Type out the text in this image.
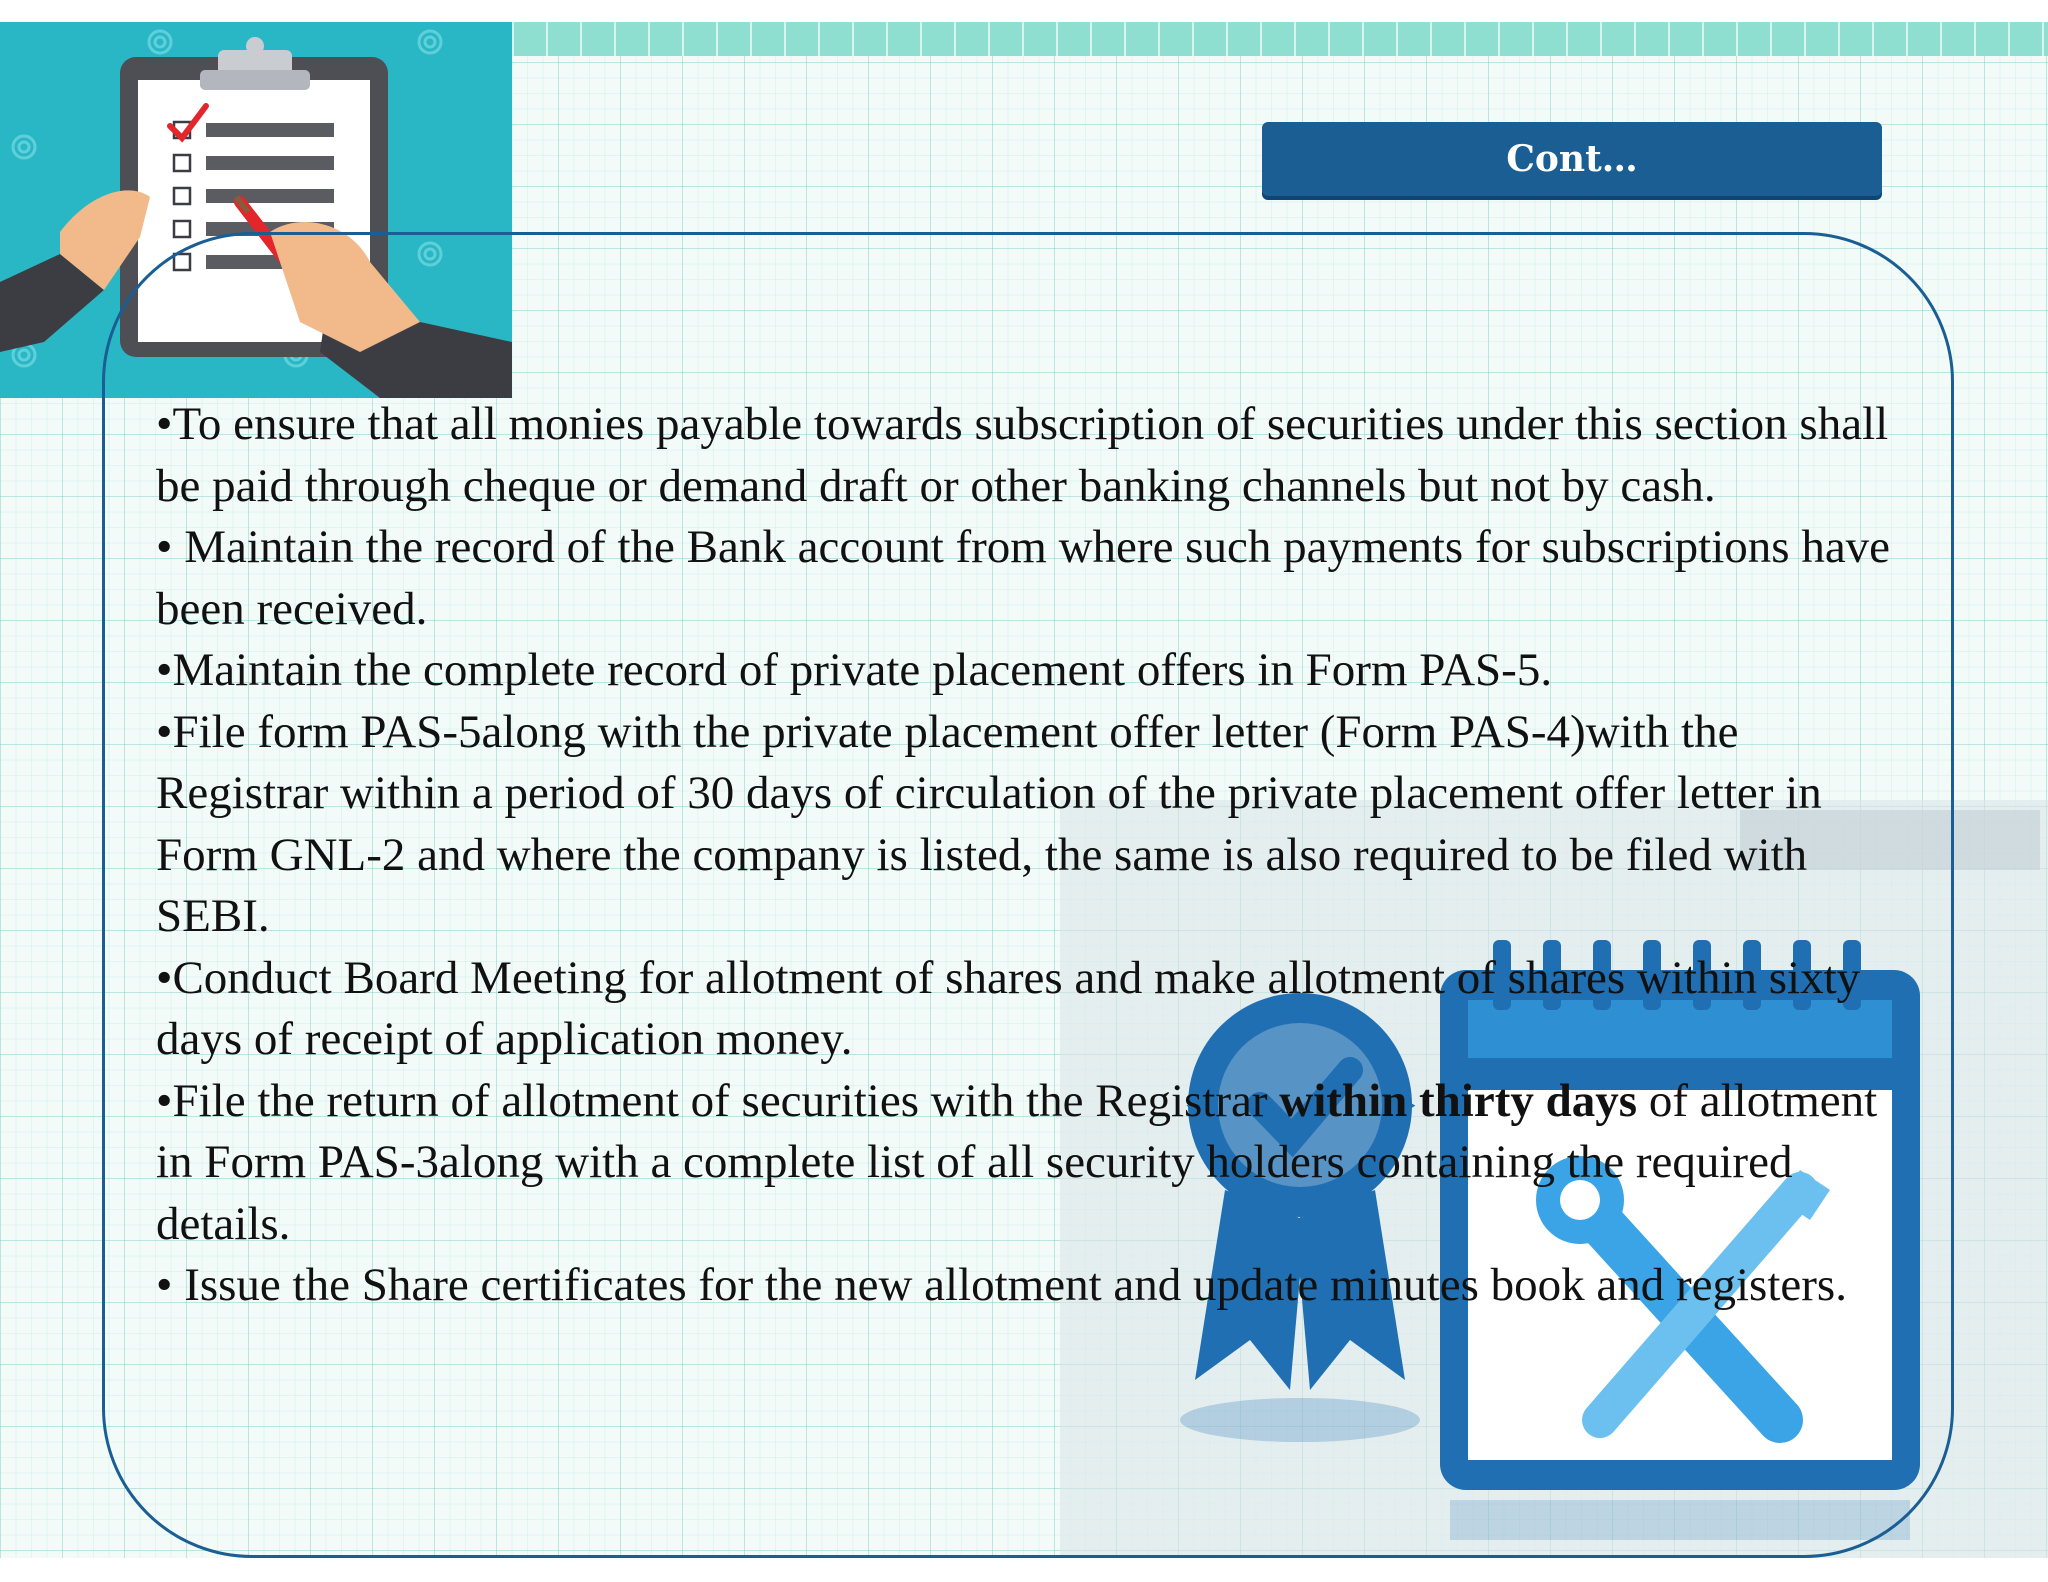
Cont…

•To ensure that all monies payable towards subscription of securities under this section shall be paid through cheque or demand draft or other banking channels but not by cash.

• Maintain the record of the Bank account from where such payments for subscriptions have been received.

•Maintain the complete record of private placement offers in Form PAS-5.

•File form PAS-5along with the private placement offer letter (Form PAS-4)with the Registrar within a period of 30 days of circulation of the private placement offer letter in Form GNL-2 and where the company is listed, the same is also required to be filed with SEBI.

•Conduct Board Meeting for allotment of shares and make allotment of shares within sixty days of receipt of application money.

•File the return of allotment of securities with the Registrar within thirty days of allotment in Form PAS-3along with a complete list of all security holders containing the required details.

• Issue the Share certificates for the new allotment and update minutes book and registers.
